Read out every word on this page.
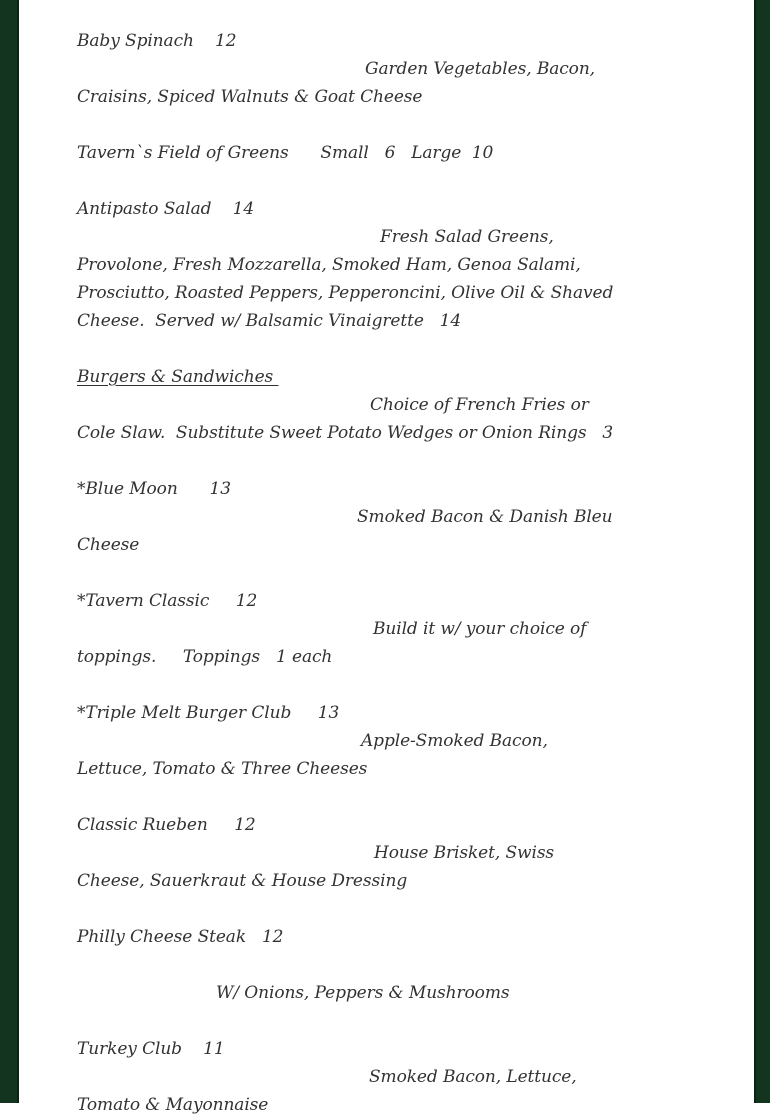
Baby Spinach    12
Garden Vegetables, Bacon,
Craisins, Spiced Walnuts & Goat Cheese
Tavern`s Field of Greens      Small   6   Large  10
Antipasto Salad    14
Fresh Salad Greens,
Provolone, Fresh Mozzarella, Smoked Ham, Genoa Salami,
Prosciutto, Roasted Peppers, Pepperoncini, Olive Oil & Shaved
Cheese.  Served w/ Balsamic Vinaigrette   14
Burgers & Sandwiches
Choice of French Fries or
Cole Slaw.  Substitute Sweet Potato Wedges or Onion Rings   3
*Blue Moon      13
Smoked Bacon & Danish Bleu
Cheese
*Tavern Classic     12
Build it w/ your choice of
toppings.     Toppings   1 each
*Triple Melt Burger Club     13
Apple-Smoked Bacon,
Lettuce, Tomato & Three Cheeses
Classic Rueben     12
House Brisket, Swiss
Cheese, Sauerkraut & House Dressing
Philly Cheese Steak   12
W/ Onions, Peppers & Mushrooms
Turkey Club    11
Smoked Bacon, Lettuce,
Tomato & Mayonnaise
